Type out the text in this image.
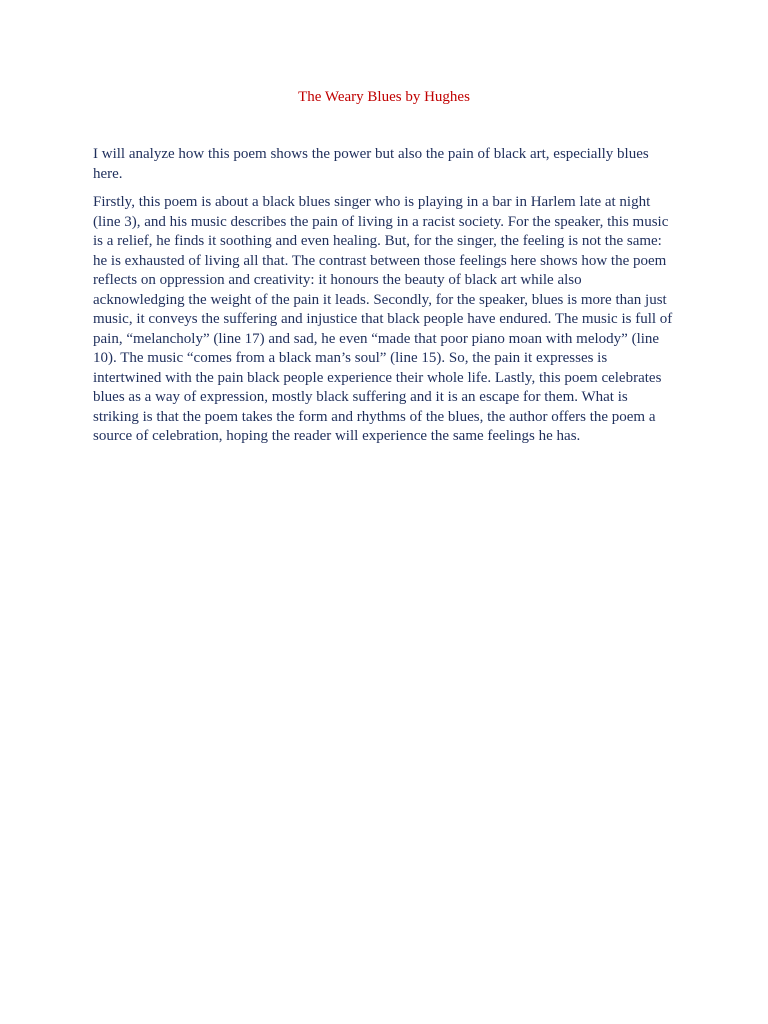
The Weary Blues by Hughes

I will analyze how this poem shows the power but also the pain of black art, especially blues here.

Firstly, this poem is about a black blues singer who is playing in a bar in Harlem late at night (line 3), and his music describes the pain of living in a racist society. For the speaker, this music is a relief, he finds it soothing and even healing. But, for the singer, the feeling is not the same: he is exhausted of living all that. The contrast between those feelings here shows how the poem reflects on oppression and creativity: it honours the beauty of black art while also acknowledging the weight of the pain it leads. Secondly, for the speaker, blues is more than just music, it conveys the suffering and injustice that black people have endured. The music is full of pain, “melancholy” (line 17) and sad, he even “made that poor piano moan with melody” (line 10). The music “comes from a black man’s soul” (line 15). So, the pain it expresses is intertwined with the pain black people experience their whole life. Lastly, this poem celebrates blues as a way of expression, mostly black suffering and it is an escape for them. What is striking is that the poem takes the form and rhythms of the blues, the author offers the poem a source of celebration, hoping the reader will experience the same feelings he has.
